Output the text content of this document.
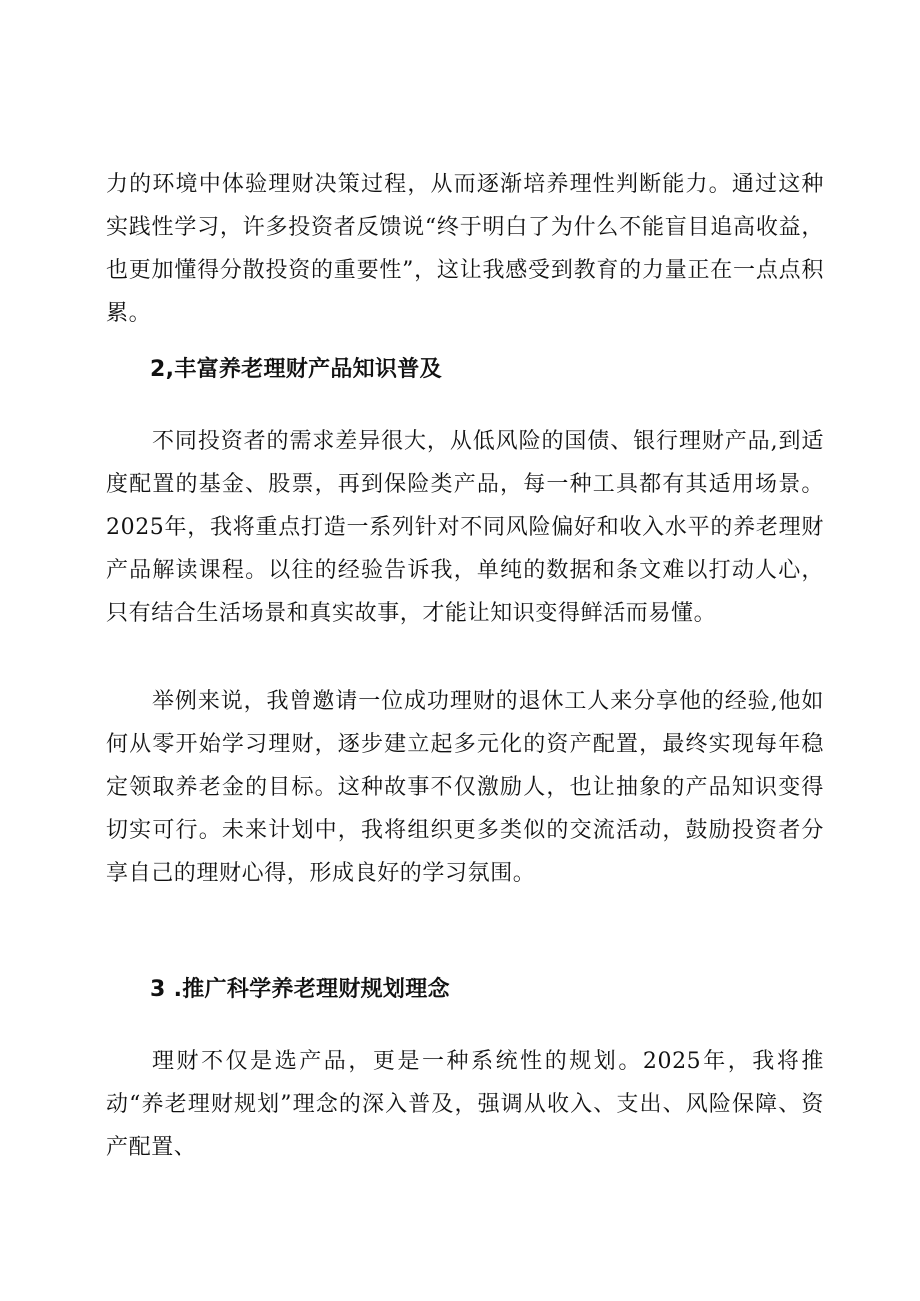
力的环境中体验理财决策过程，从而逐渐培养理性判断能力。通过这种实践性学习，许多投资者反馈说“终于明白了为什么不能盲目追高收益，也更加懂得分散投资的重要性”，这让我感受到教育的力量正在一点点积累。

2,丰富养老理财产品知识普及

不同投资者的需求差异很大，从低风险的国债、银行理财产品,到适度配置的基金、股票，再到保险类产品，每一种工具都有其适用场景。2025年，我将重点打造一系列针对不同风险偏好和收入水平的养老理财产品解读课程。以往的经验告诉我，单纯的数据和条文难以打动人心，只有结合生活场景和真实故事，才能让知识变得鲜活而易懂。

举例来说，我曾邀请一位成功理财的退休工人来分享他的经验,他如何从零开始学习理财，逐步建立起多元化的资产配置，最终实现每年稳定领取养老金的目标。这种故事不仅激励人，也让抽象的产品知识变得切实可行。未来计划中，我将组织更多类似的交流活动，鼓励投资者分享自己的理财心得，形成良好的学习氛围。

3 .推广科学养老理财规划理念

理财不仅是选产品，更是一种系统性的规划。2025年，我将推动“养老理财规划”理念的深入普及，强调从收入、支出、风险保障、资产配置、
